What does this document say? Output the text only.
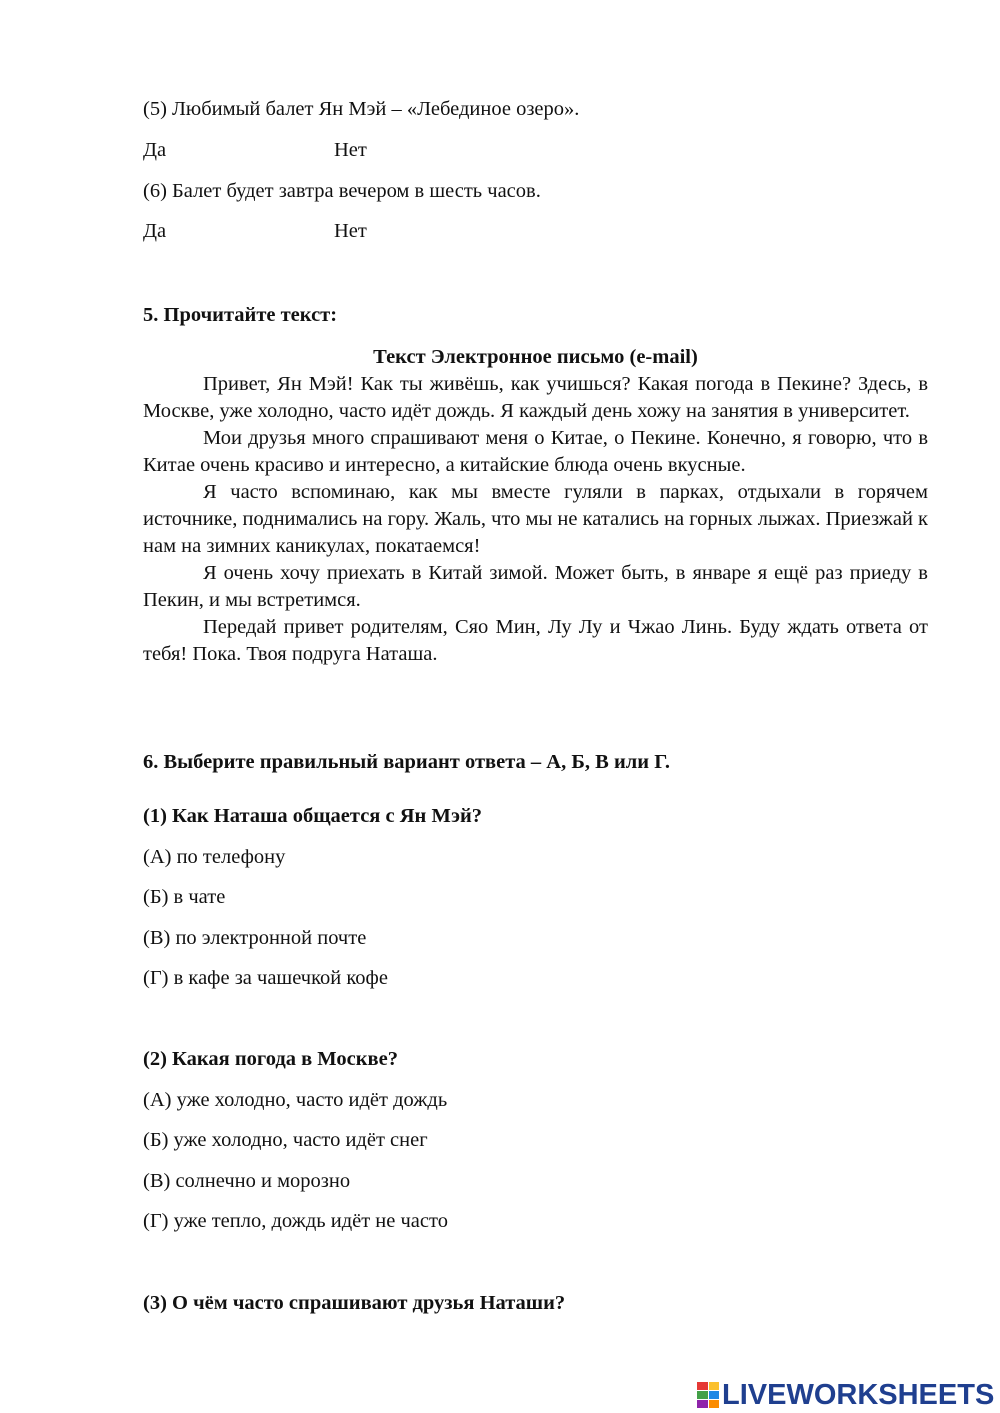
(5) Любимый балет Ян Мэй – «Лебединое озеро».
Да	Нет
(6) Балет будет завтра вечером в шесть часов.
Да	Нет
5. Прочитайте текст:
Текст Электронное письмо (e-mail)

Привет, Ян Мэй! Как ты живёшь, как учишься? Какая погода в Пекине? Здесь, в Москве, уже холодно, часто идёт дождь. Я каждый день хожу на занятия в университет.

Мои друзья много спрашивают меня о Китае, о Пекине. Конечно, я говорю, что в Китае очень красиво и интересно, а китайские блюда очень вкусные.

Я часто вспоминаю, как мы вместе гуляли в парках, отдыхали в горячем источнике, поднимались на гору. Жаль, что мы не катались на горных лыжах. Приезжай к нам на зимних каникулах, покатаемся!

Я очень хочу приехать в Китай зимой. Может быть, в январе я ещё раз приеду в Пекин, и мы встретимся.

Передай привет родителям, Сяо Мин, Лу Лу и Чжао Линь. Буду ждать ответа от тебя! Пока. Твоя подруга Наташа.

6. Выберите правильный вариант ответа – А, Б, В или Г.
(1) Как Наташа общается с Ян Мэй?
(А) по телефону
(Б) в чате
(В) по электронной почте
(Г) в кафе за чашечкой кофе
(2) Какая погода в Москве?
(А) уже холодно, часто идёт дождь
(Б) уже холодно, часто идёт снег
(В) солнечно и морозно
(Г) уже тепло, дождь идёт не часто
(3) О чём часто спрашивают друзья Наташи?
LIVEWORKSHEETS
